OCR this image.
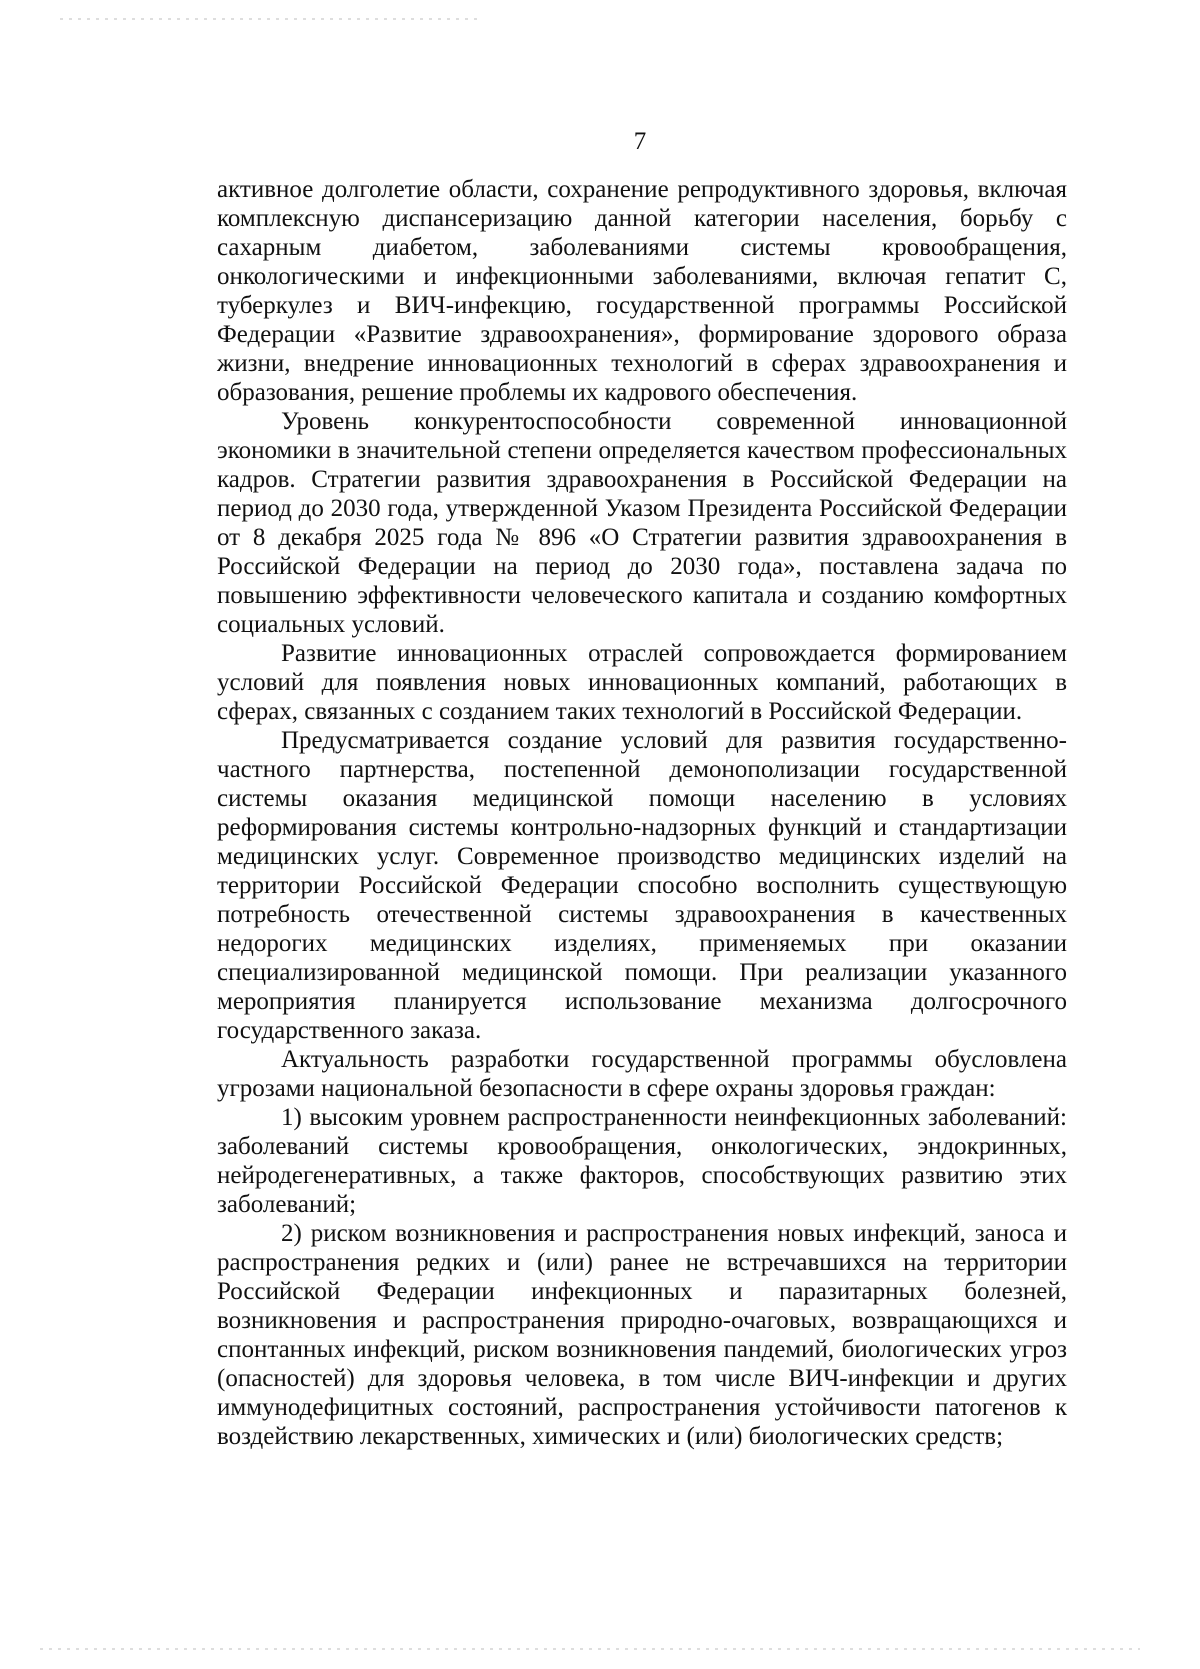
7

активное долголетие области, сохранение репродуктивного здоровья, включая комплексную диспансеризацию данной категории населения, борьбу с сахарным диабетом, заболеваниями системы кровообращения, онкологическими и инфекционными заболеваниями, включая гепатит С, туберкулез и ВИЧ-инфекцию, государственной программы Российской Федерации «Развитие здравоохранения», формирование здорового образа жизни, внедрение инновационных технологий в сферах здравоохранения и образования, решение проблемы их кадрового обеспечения.

Уровень конкурентоспособности современной инновационной экономики в значительной степени определяется качеством профессиональных кадров. Стратегии развития здравоохранения в Российской Федерации на период до 2030 года, утвержденной Указом Президента Российской Федерации от 8 декабря 2025 года № 896 «О Стратегии развития здравоохранения в Российской Федерации на период до 2030 года», поставлена задача по повышению эффективности человеческого капитала и созданию комфортных социальных условий.

Развитие инновационных отраслей сопровождается формированием условий для появления новых инновационных компаний, работающих в сферах, связанных с созданием таких технологий в Российской Федерации.

Предусматривается создание условий для развития государственно-частного партнерства, постепенной демонополизации государственной системы оказания медицинской помощи населению в условиях реформирования системы контрольно-надзорных функций и стандартизации медицинских услуг. Современное производство медицинских изделий на территории Российской Федерации способно восполнить существующую потребность отечественной системы здравоохранения в качественных недорогих медицинских изделиях, применяемых при оказании специализированной медицинской помощи. При реализации указанного мероприятия планируется использование механизма долгосрочного государственного заказа.

Актуальность разработки государственной программы обусловлена угрозами национальной безопасности в сфере охраны здоровья граждан:

1) высоким уровнем распространенности неинфекционных заболеваний: заболеваний системы кровообращения, онкологических, эндокринных, нейродегенеративных, а также факторов, способствующих развитию этих заболеваний;

2) риском возникновения и распространения новых инфекций, заноса и распространения редких и (или) ранее не встречавшихся на территории Российской Федерации инфекционных и паразитарных болезней, возникновения и распространения природно-очаговых, возвращающихся и спонтанных инфекций, риском возникновения пандемий, биологических угроз (опасностей) для здоровья человека, в том числе ВИЧ-инфекции и других иммунодефицитных состояний, распространения устойчивости патогенов к воздействию лекарственных, химических и (или) биологических средств;
